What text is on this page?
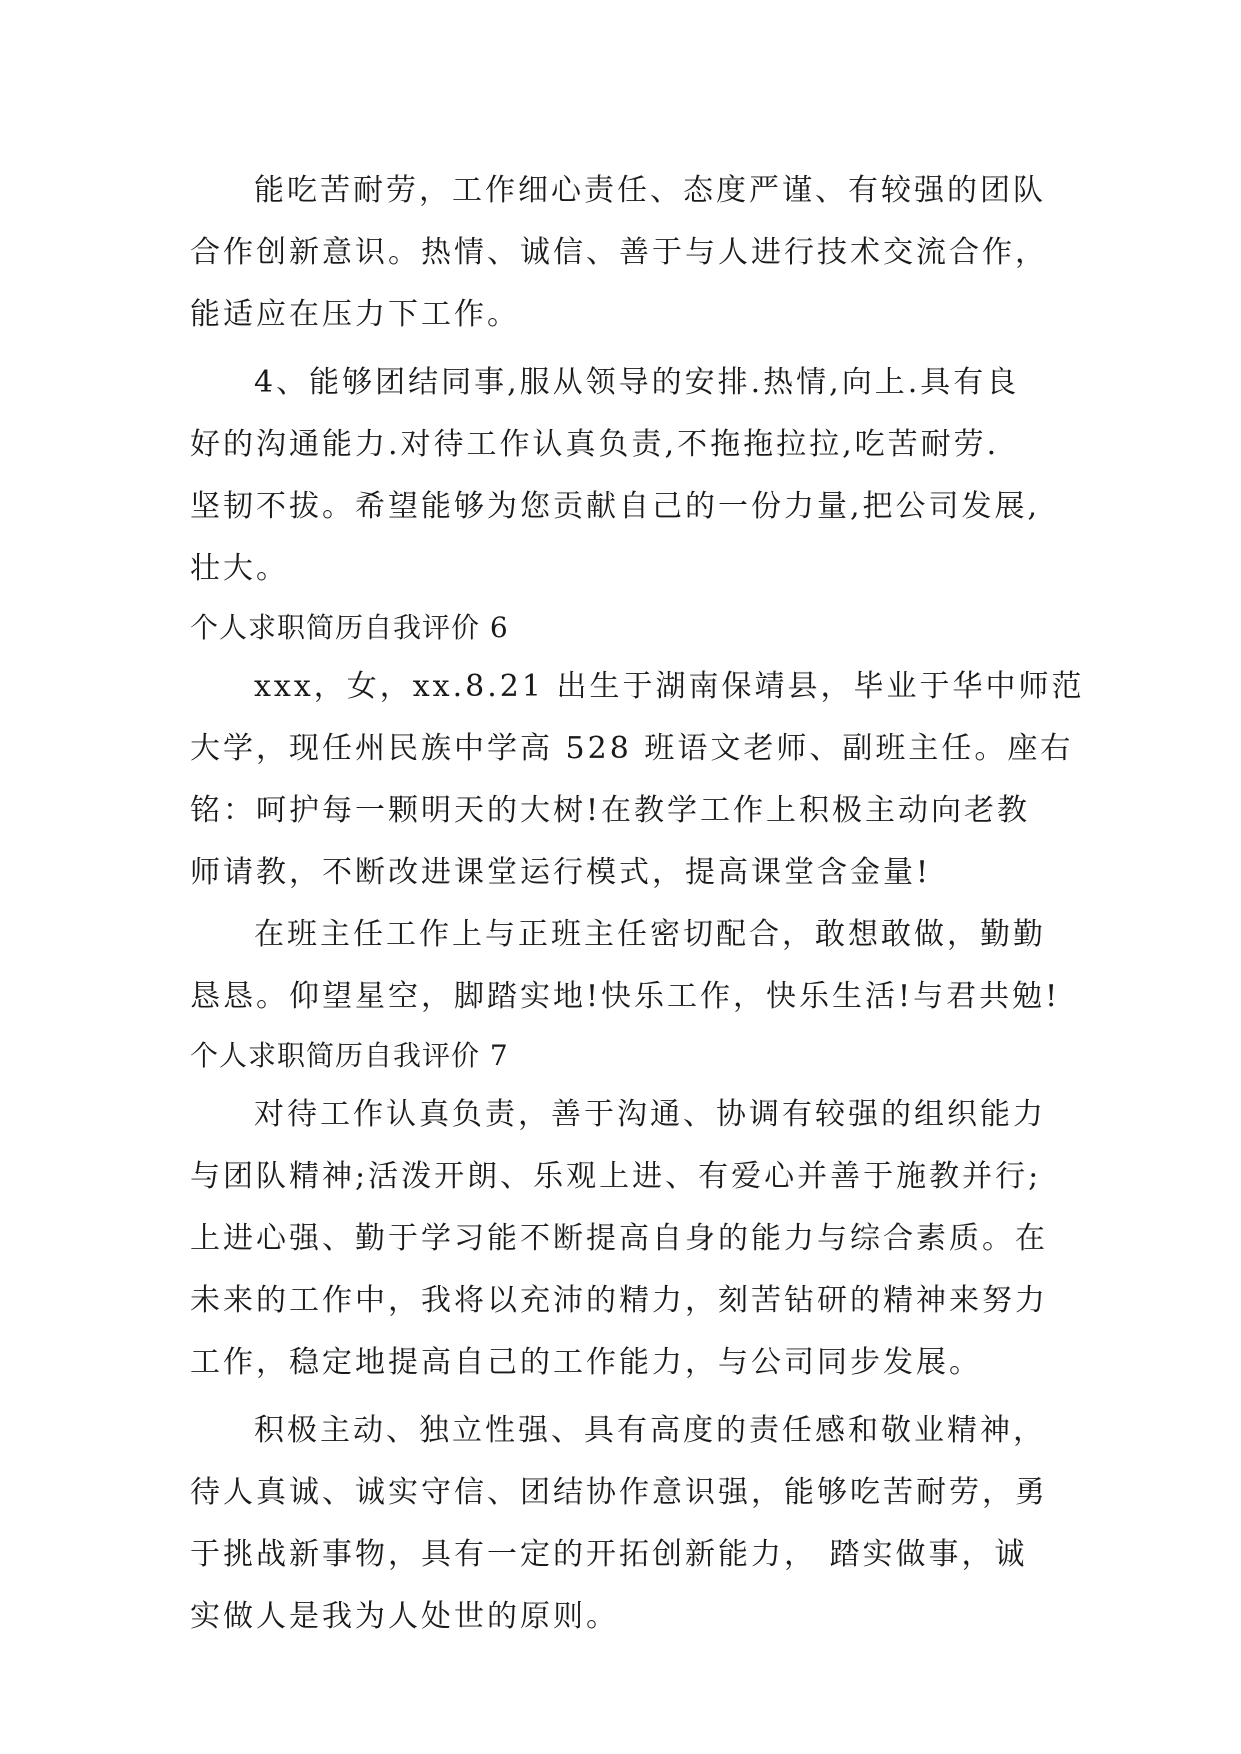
能吃苦耐劳，工作细心责任、态度严谨、有较强的团队
合作创新意识。热情、诚信、善于与人进行技术交流合作，
能适应在压力下工作。
4、能够团结同事,服从领导的安排.热情,向上.具有良
好的沟通能力.对待工作认真负责,不拖拖拉拉,吃苦耐劳.
坚韧不拔。希望能够为您贡献自己的一份力量,把公司发展,
壮大。
个人求职简历自我评价 6
xxx，女，xx.8.21 出生于湖南保靖县，毕业于华中师范
大学，现任州民族中学高 528 班语文老师、副班主任。座右
铭：呵护每一颗明天的大树!在教学工作上积极主动向老教
师请教，不断改进课堂运行模式，提高课堂含金量!
在班主任工作上与正班主任密切配合，敢想敢做，勤勤
恳恳。仰望星空，脚踏实地!快乐工作，快乐生活!与君共勉!
个人求职简历自我评价 7
对待工作认真负责，善于沟通、协调有较强的组织能力
与团队精神;活泼开朗、乐观上进、有爱心并善于施教并行;
上进心强、勤于学习能不断提高自身的能力与综合素质。在
未来的工作中，我将以充沛的精力，刻苦钻研的精神来努力
工作，稳定地提高自己的工作能力，与公司同步发展。
积极主动、独立性强、具有高度的责任感和敬业精神，
待人真诚、诚实守信、团结协作意识强，能够吃苦耐劳，勇
于挑战新事物，具有一定的开拓创新能力， 踏实做事，诚
实做人是我为人处世的原则。
